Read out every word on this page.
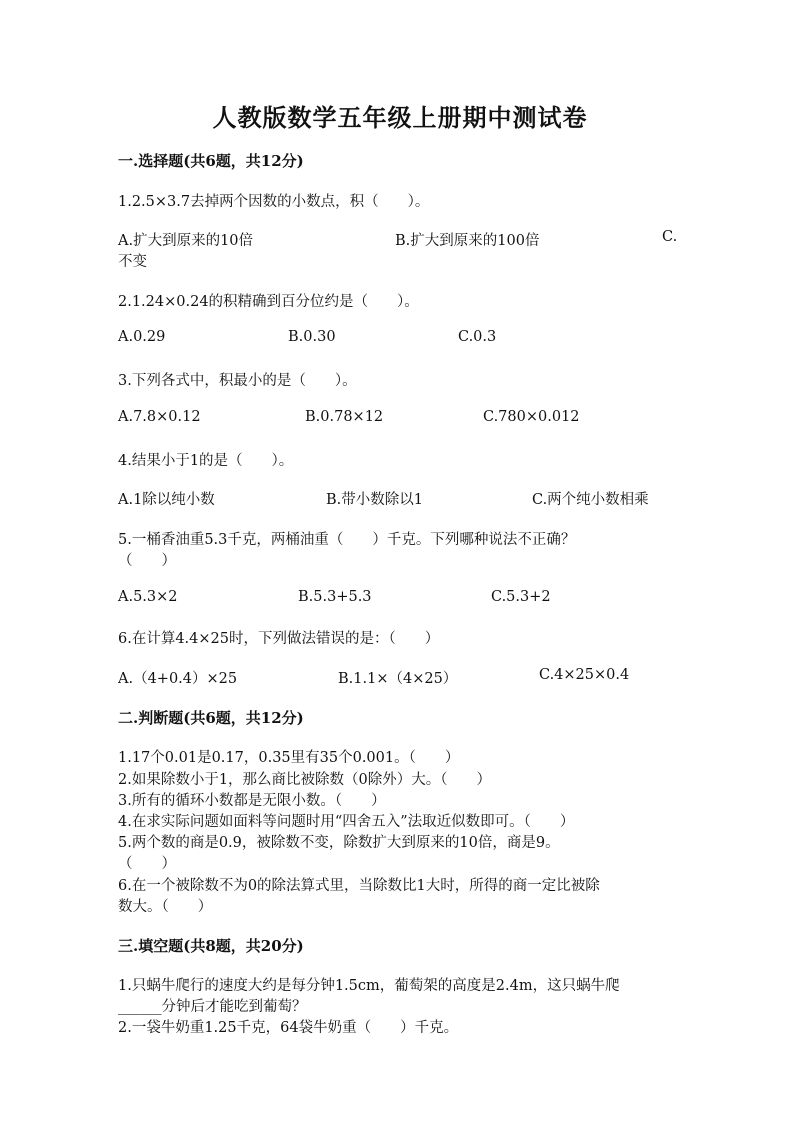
人教版数学五年级上册期中测试卷
一.选择题(共6题，共12分)
1.2.5×3.7去掉两个因数的小数点，积（　　）。
A.扩大到原来的10倍	B.扩大到原来的100倍	C.
不变
2.1.24×0.24的积精确到百分位约是（　　）。
A.0.29	B.0.30	C.0.3
3.下列各式中，积最小的是（　　）。
A.7.8×0.12	B.0.78×12	C.780×0.012
4.结果小于1的是（　　）。
A.1除以纯小数	B.带小数除以1	C.两个纯小数相乘
5.一桶香油重5.3千克，两桶油重（　　）千克。下列哪种说法不正确？
（　　）
A.5.3×2	B.5.3+5.3	C.5.3+2
6.在计算4.4×25时，下列做法错误的是：（　　）
A.（4+0.4）×25	B.1.1×（4×25）	C.4×25×0.4
二.判断题(共6题，共12分)
1.17个0.01是0.17，0.35里有35个0.001。（　　）
2.如果除数小于1，那么商比被除数（0除外）大。（　　）
3.所有的循环小数都是无限小数。（　　）
4.在求实际问题如面料等问题时用“四舍五入”法取近似数即可。（　　）
5.两个数的商是0.9，被除数不变，除数扩大到原来的10倍，商是9。
（　　）
6.在一个被除数不为0的除法算式里，当除数比1大时，所得的商一定比被除
数大。（　　）
三.填空题(共8题，共20分)
1.只蜗牛爬行的速度大约是每分钟1.5cm，葡萄架的高度是2.4m，这只蜗牛爬
______分钟后才能吃到葡萄？
2.一袋牛奶重1.25千克，64袋牛奶重（　　）千克。
